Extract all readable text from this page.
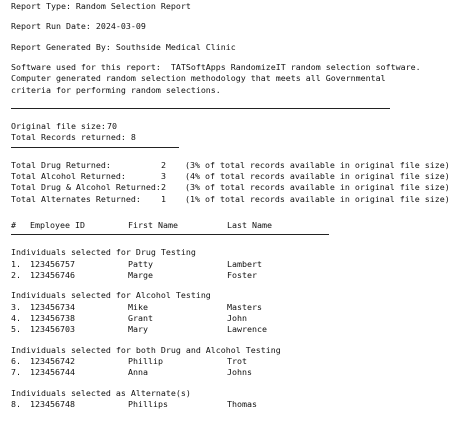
Report Type: Random Selection Report
Report Run Date: 2024-03-09
Report Generated By: Southside Medical Clinic
Software used for this report:  TATSoftApps RandomizeIT random selection software.
Computer generated random selection methodology that meets all Governmental
criteria for performing random selections.
Original file size: 70
Total Records returned: 8
Total Drug Returned:	2	(3% of total records available in original file size)
Total Alcohol Returned:	3	(4% of total records available in original file size)
Total Drug & Alcohol Returned: 2	(3% of total records available in original file size)
Total Alternates Returned:	1	(1% of total records available in original file size)
#	Employee ID	First Name	Last Name
Individuals selected for Drug Testing
1.	123456757	Patty	Lambert
2.	123456746	Marge	Foster
Individuals selected for Alcohol Testing
3.	123456734	Mike	Masters
4.	123456738	Grant	John
5.	123456703	Mary	Lawrence
Individuals selected for both Drug and Alcohol Testing
6.	123456742	Phillip	Trot
7.	123456744	Anna	Johns
Individuals selected as Alternate(s)
8.	123456748	Phillips	Thomas
